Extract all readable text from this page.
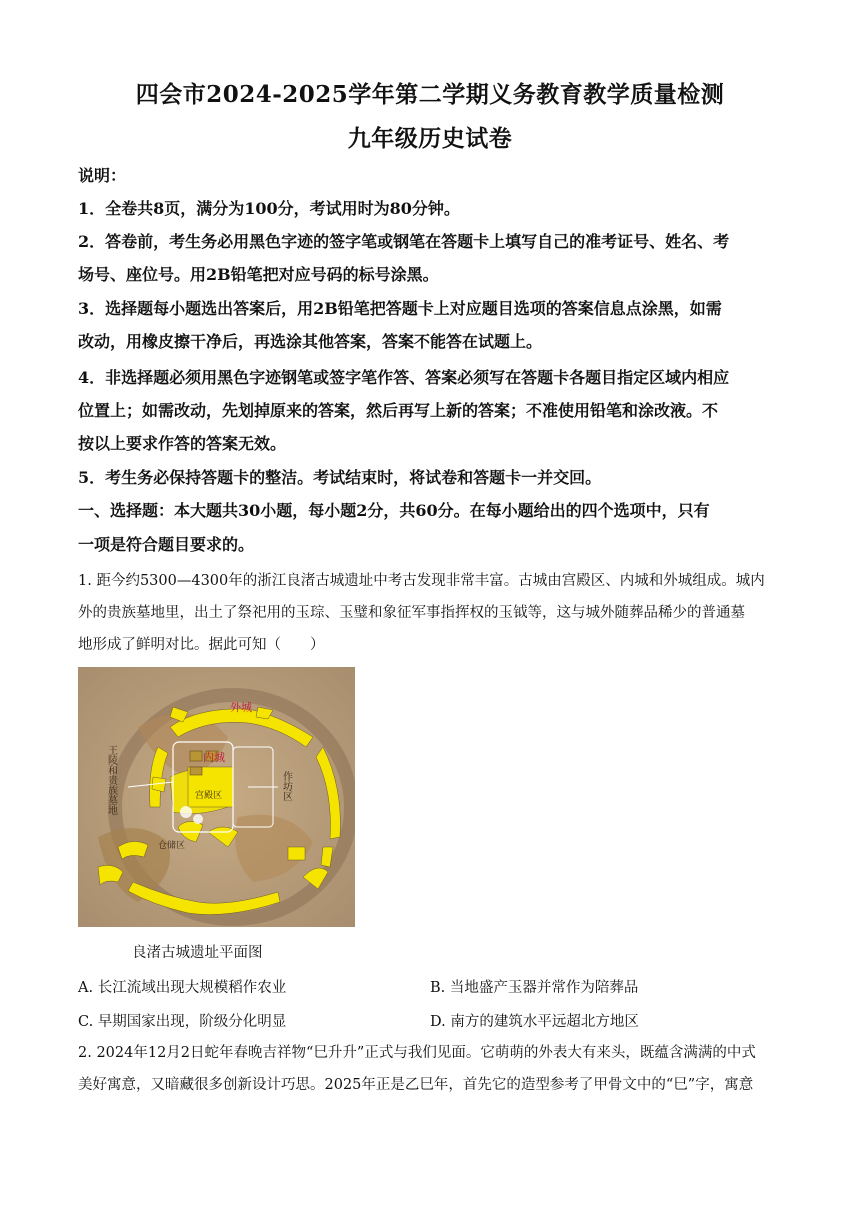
四会市2024-2025学年第二学期义务教育教学质量检测
九年级历史试卷
说明：
1．全卷共8页，满分为100分，考试用时为80分钟。
2．答卷前，考生务必用黑色字迹的签字笔或钢笔在答题卡上填写自己的准考证号、姓名、考
场号、座位号。用2B铅笔把对应号码的标号涂黑。
3．选择题每小题选出答案后，用2B铅笔把答题卡上对应题目选项的答案信息点涂黑，如需
改动，用橡皮擦干净后，再选涂其他答案，答案不能答在试题上。
4．非选择题必须用黑色字迹钢笔或签字笔作答、答案必须写在答题卡各题目指定区域内相应
位置上；如需改动，先划掉原来的答案，然后再写上新的答案；不准使用铅笔和涂改液。不
按以上要求作答的答案无效。
5．考生务必保持答题卡的整洁。考试结束时，将试卷和答题卡一并交回。
一、选择题：本大题共30小题，每小题2分，共60分。在每小题给出的四个选项中，只有
一项是符合题目要求的。
1. 距今约5300—4300年的浙江良渚古城遗址中考古发现非常丰富。古城由宫殿区、内城和外城组成。城内
外的贵族墓地里，出土了祭祀用的玉琮、玉璧和象征军事指挥权的玉钺等，这与城外随葬品稀少的普通墓
地形成了鲜明对比。据此可知（　　）
外城
内城
宫殿区
仓储区
作坊区
王陵和贵族墓地
良渚古城遗址平面图
A. 长江流域出现大规模稻作农业	B. 当地盛产玉器并常作为陪葬品
C. 早期国家出现，阶级分化明显	D. 南方的建筑水平远超北方地区
2. 2024年12月2日蛇年春晚吉祥物“巳升升”正式与我们见面。它萌萌的外表大有来头，既蕴含满满的中式
美好寓意，又暗藏很多创新设计巧思。2025年正是乙巳年，首先它的造型参考了甲骨文中的“巳”字，寓意
